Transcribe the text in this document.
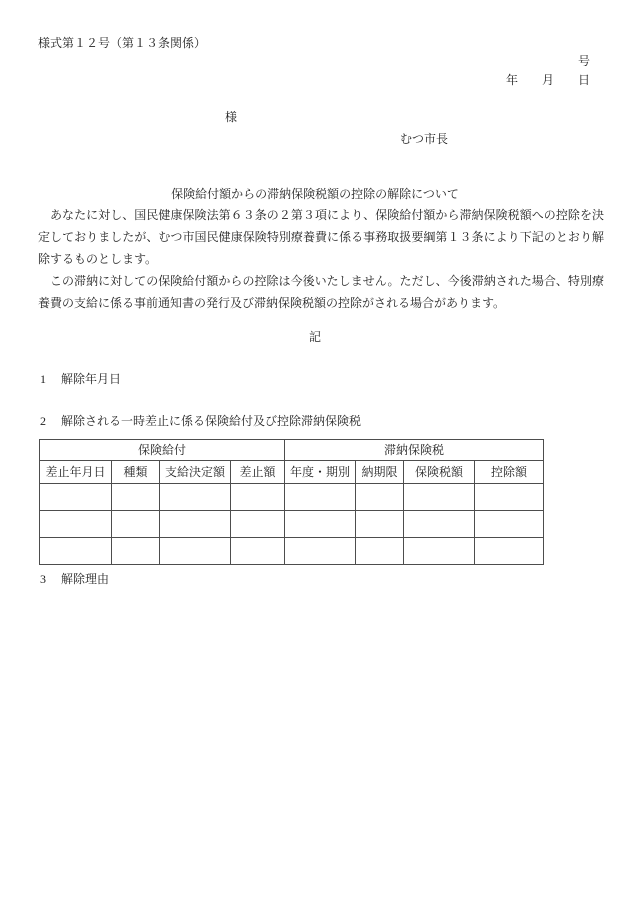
様式第１２号（第１３条関係）
号
年 月 日
様
むつ市長
保険給付額からの滞納保険税額の控除の解除について

あなたに対し、国民健康保険法第６３条の２第３項により、保険給付額から滞納保険税額への控除を決定しておりましたが、むつ市国民健康保険特別療養費に係る事務取扱要綱第１３条により下記のとおり解除するものとします。

この滞納に対しての保険給付額からの控除は今後いたしません。ただし、今後滞納された場合、特別療養費の支給に係る事前通知書の発行及び滞納保険税額の控除がされる場合があります。

記
1 解除年月日
2 解除される一時差止に係る保険給付及び控除滞納保険税
保険給付				滞納保険税			
差止年月日	種類	支給決定額	差止額	年度・期別	納期限	保険税額	控除額

3 解除理由
